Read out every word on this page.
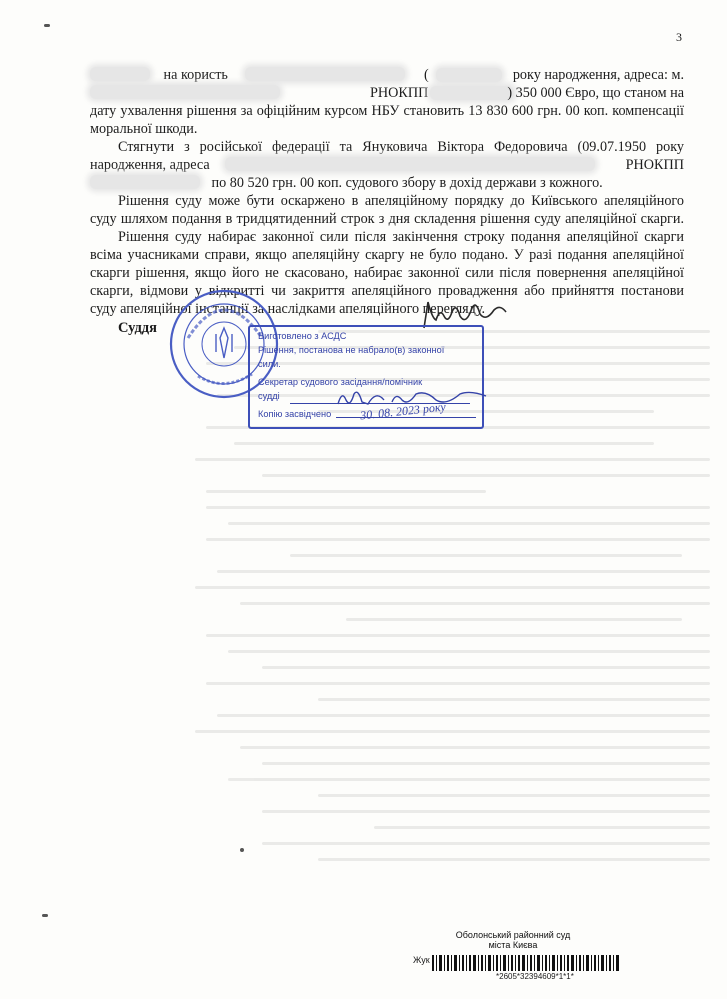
3
на користь	(	року народження, адреса: м.
РНОКПП	) 350 000 Євро, що станом на
дату ухвалення рішення за офіційним курсом НБУ становить 13 830 600 грн. 00 коп. компенсації
моральної шкоди.
Стягнути з російської федерації та Януковича Віктора Федоровича (09.07.1950 року
народження, адреса	РНОКПП
по 80 520 грн. 00 коп. судового збору в дохід держави з кожного.
Рішення суду може бути оскаржено в апеляційному порядку до Київського апеляційного
суду шляхом подання в тридцятиденний строк з дня складення рішення суду апеляційної скарги.
Рішення суду набирає законної сили після закінчення строку подання апеляційної скарги
всіма учасниками справи, якщо апеляційну скаргу не було подано. У разі подання апеляційної
скарги рішення, якщо його не скасовано, набирає законної сили після повернення апеляційної
скарги, відмови у відкритті чи закриття апеляційного провадження або прийняття постанови
суду апеляційної інстанції за наслідками апеляційного перегляду.
Суддя	Виготовлено з АСДС
Рішення, постанова не набрало(в) законної
сили.
Секретар судового засідання/помічник
судді
Копію засвідчено 30. 08. 2023 року
Оболонський районний суд
міста Києва
Жук
*2605*32394609*1*1*
